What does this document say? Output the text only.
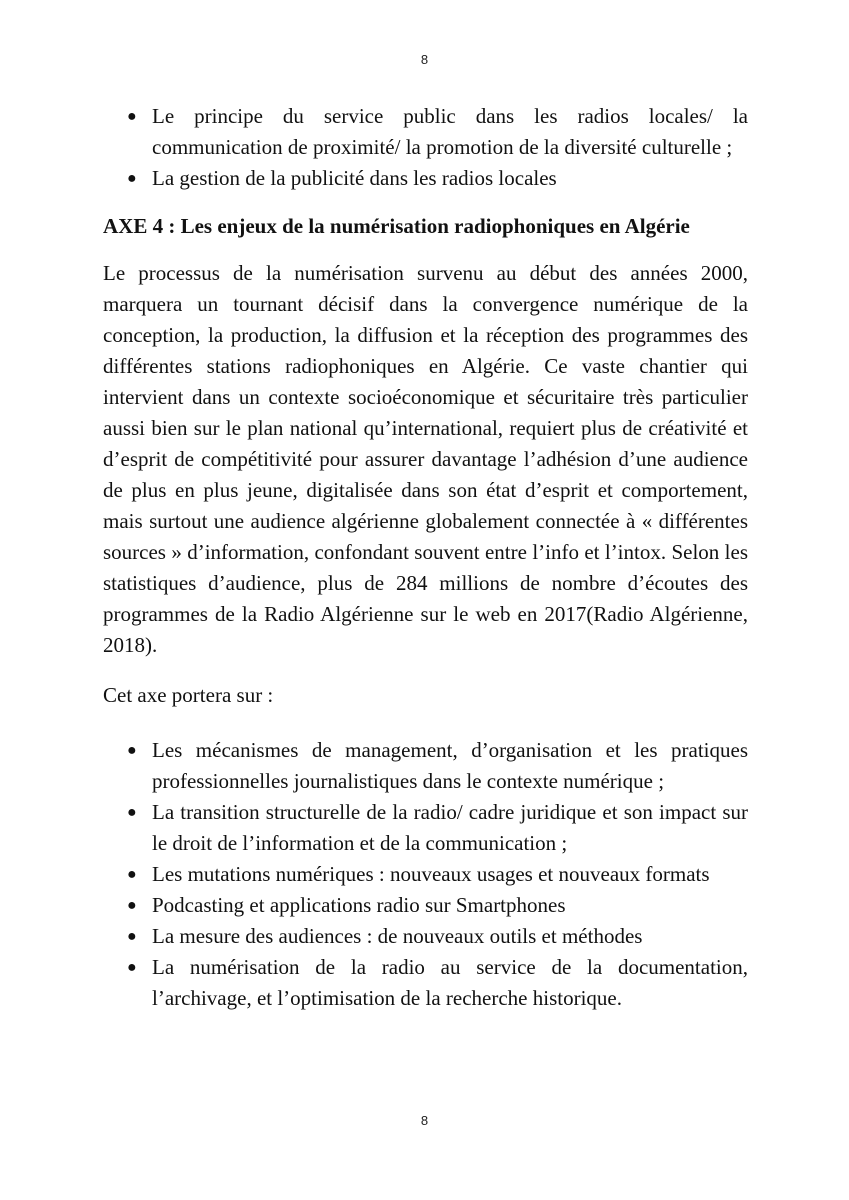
8
● Le principe du service public dans les radios locales/ la communication de proximité/ la promotion de la diversité culturelle ;
● La gestion de la publicité dans les radios locales
AXE 4 : Les enjeux de la numérisation radiophoniques en Algérie

Le processus de la numérisation survenu au début des années 2000, marquera un tournant décisif dans la convergence numérique de la conception, la production, la diffusion et la réception des programmes des différentes stations radiophoniques en Algérie. Ce vaste chantier qui intervient dans un contexte socioéconomique et sécuritaire très particulier aussi bien sur le plan national qu’international, requiert plus de créativité et d’esprit de compétitivité pour assurer davantage l’adhésion d’une audience de plus en plus jeune, digitalisée dans son état d’esprit et comportement, mais surtout une audience algérienne globalement connectée à « différentes sources » d’information, confondant souvent entre l’info et l’intox. Selon les statistiques d’audience, plus de 284 millions de nombre d’écoutes des programmes de la Radio Algérienne sur le web en 2017(Radio Algérienne, 2018).

Cet axe portera sur :

● Les mécanismes de management, d’organisation et les pratiques professionnelles journalistiques dans le contexte numérique ;
● La transition structurelle de la radio/ cadre juridique et son impact sur le droit de l’information et de la communication ;
● Les mutations numériques : nouveaux usages et nouveaux formats
● Podcasting et applications radio sur Smartphones
● La mesure des audiences : de nouveaux outils et méthodes
● La numérisation de la radio au service de la documentation, l’archivage, et l’optimisation de la recherche historique.
8
